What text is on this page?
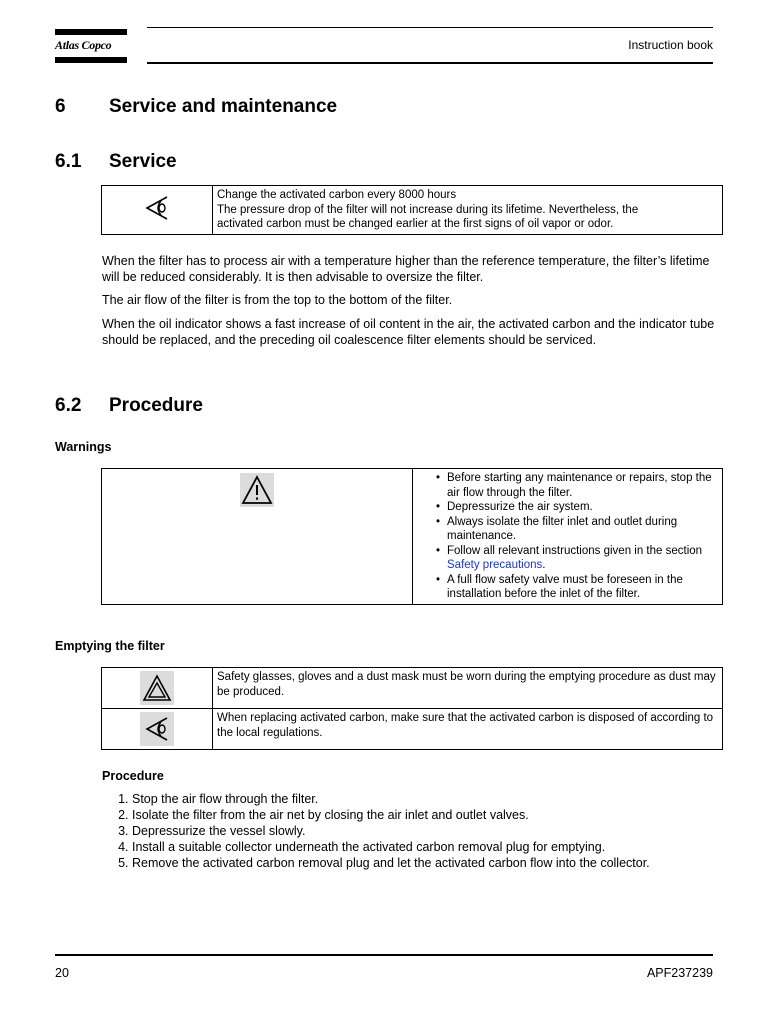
Atlas Copco	Instruction book
6 Service and maintenance
6.1 Service

Change the activated carbon every 8000 hours
The pressure drop of the filter will not increase during its lifetime. Nevertheless, the
activated carbon must be changed earlier at the first signs of oil vapor or odor.
When the filter has to process air with a temperature higher than the reference temperature, the filter’s lifetime will be reduced considerably. It is then advisable to oversize the filter.
The air flow of the filter is from the top to the bottom of the filter.
When the oil indicator shows a fast increase of oil content in the air, the activated carbon and the indicator tube should be replaced, and the preceding oil coalescence filter elements should be serviced.
6.2 Procedure
Warnings

• Before starting any maintenance or repairs, stop the air flow through the filter.
• Depressurize the air system.
• Always isolate the filter inlet and outlet during maintenance.
• Follow all relevant instructions given in the section Safety precautions.
• A full flow safety valve must be foreseen in the installation before the inlet of the filter.
Emptying the filter
	Safety glasses, gloves and a dust mask must be worn during the emptying procedure as dust may be produced.
	When replacing activated carbon, make sure that the activated carbon is disposed of according to the local regulations.
Procedure
1. Stop the air flow through the filter.
2. Isolate the filter from the air net by closing the air inlet and outlet valves.
3. Depressurize the vessel slowly.
4. Install a suitable collector underneath the activated carbon removal plug for emptying.
5. Remove the activated carbon removal plug and let the activated carbon flow into the collector.
20	APF237239
